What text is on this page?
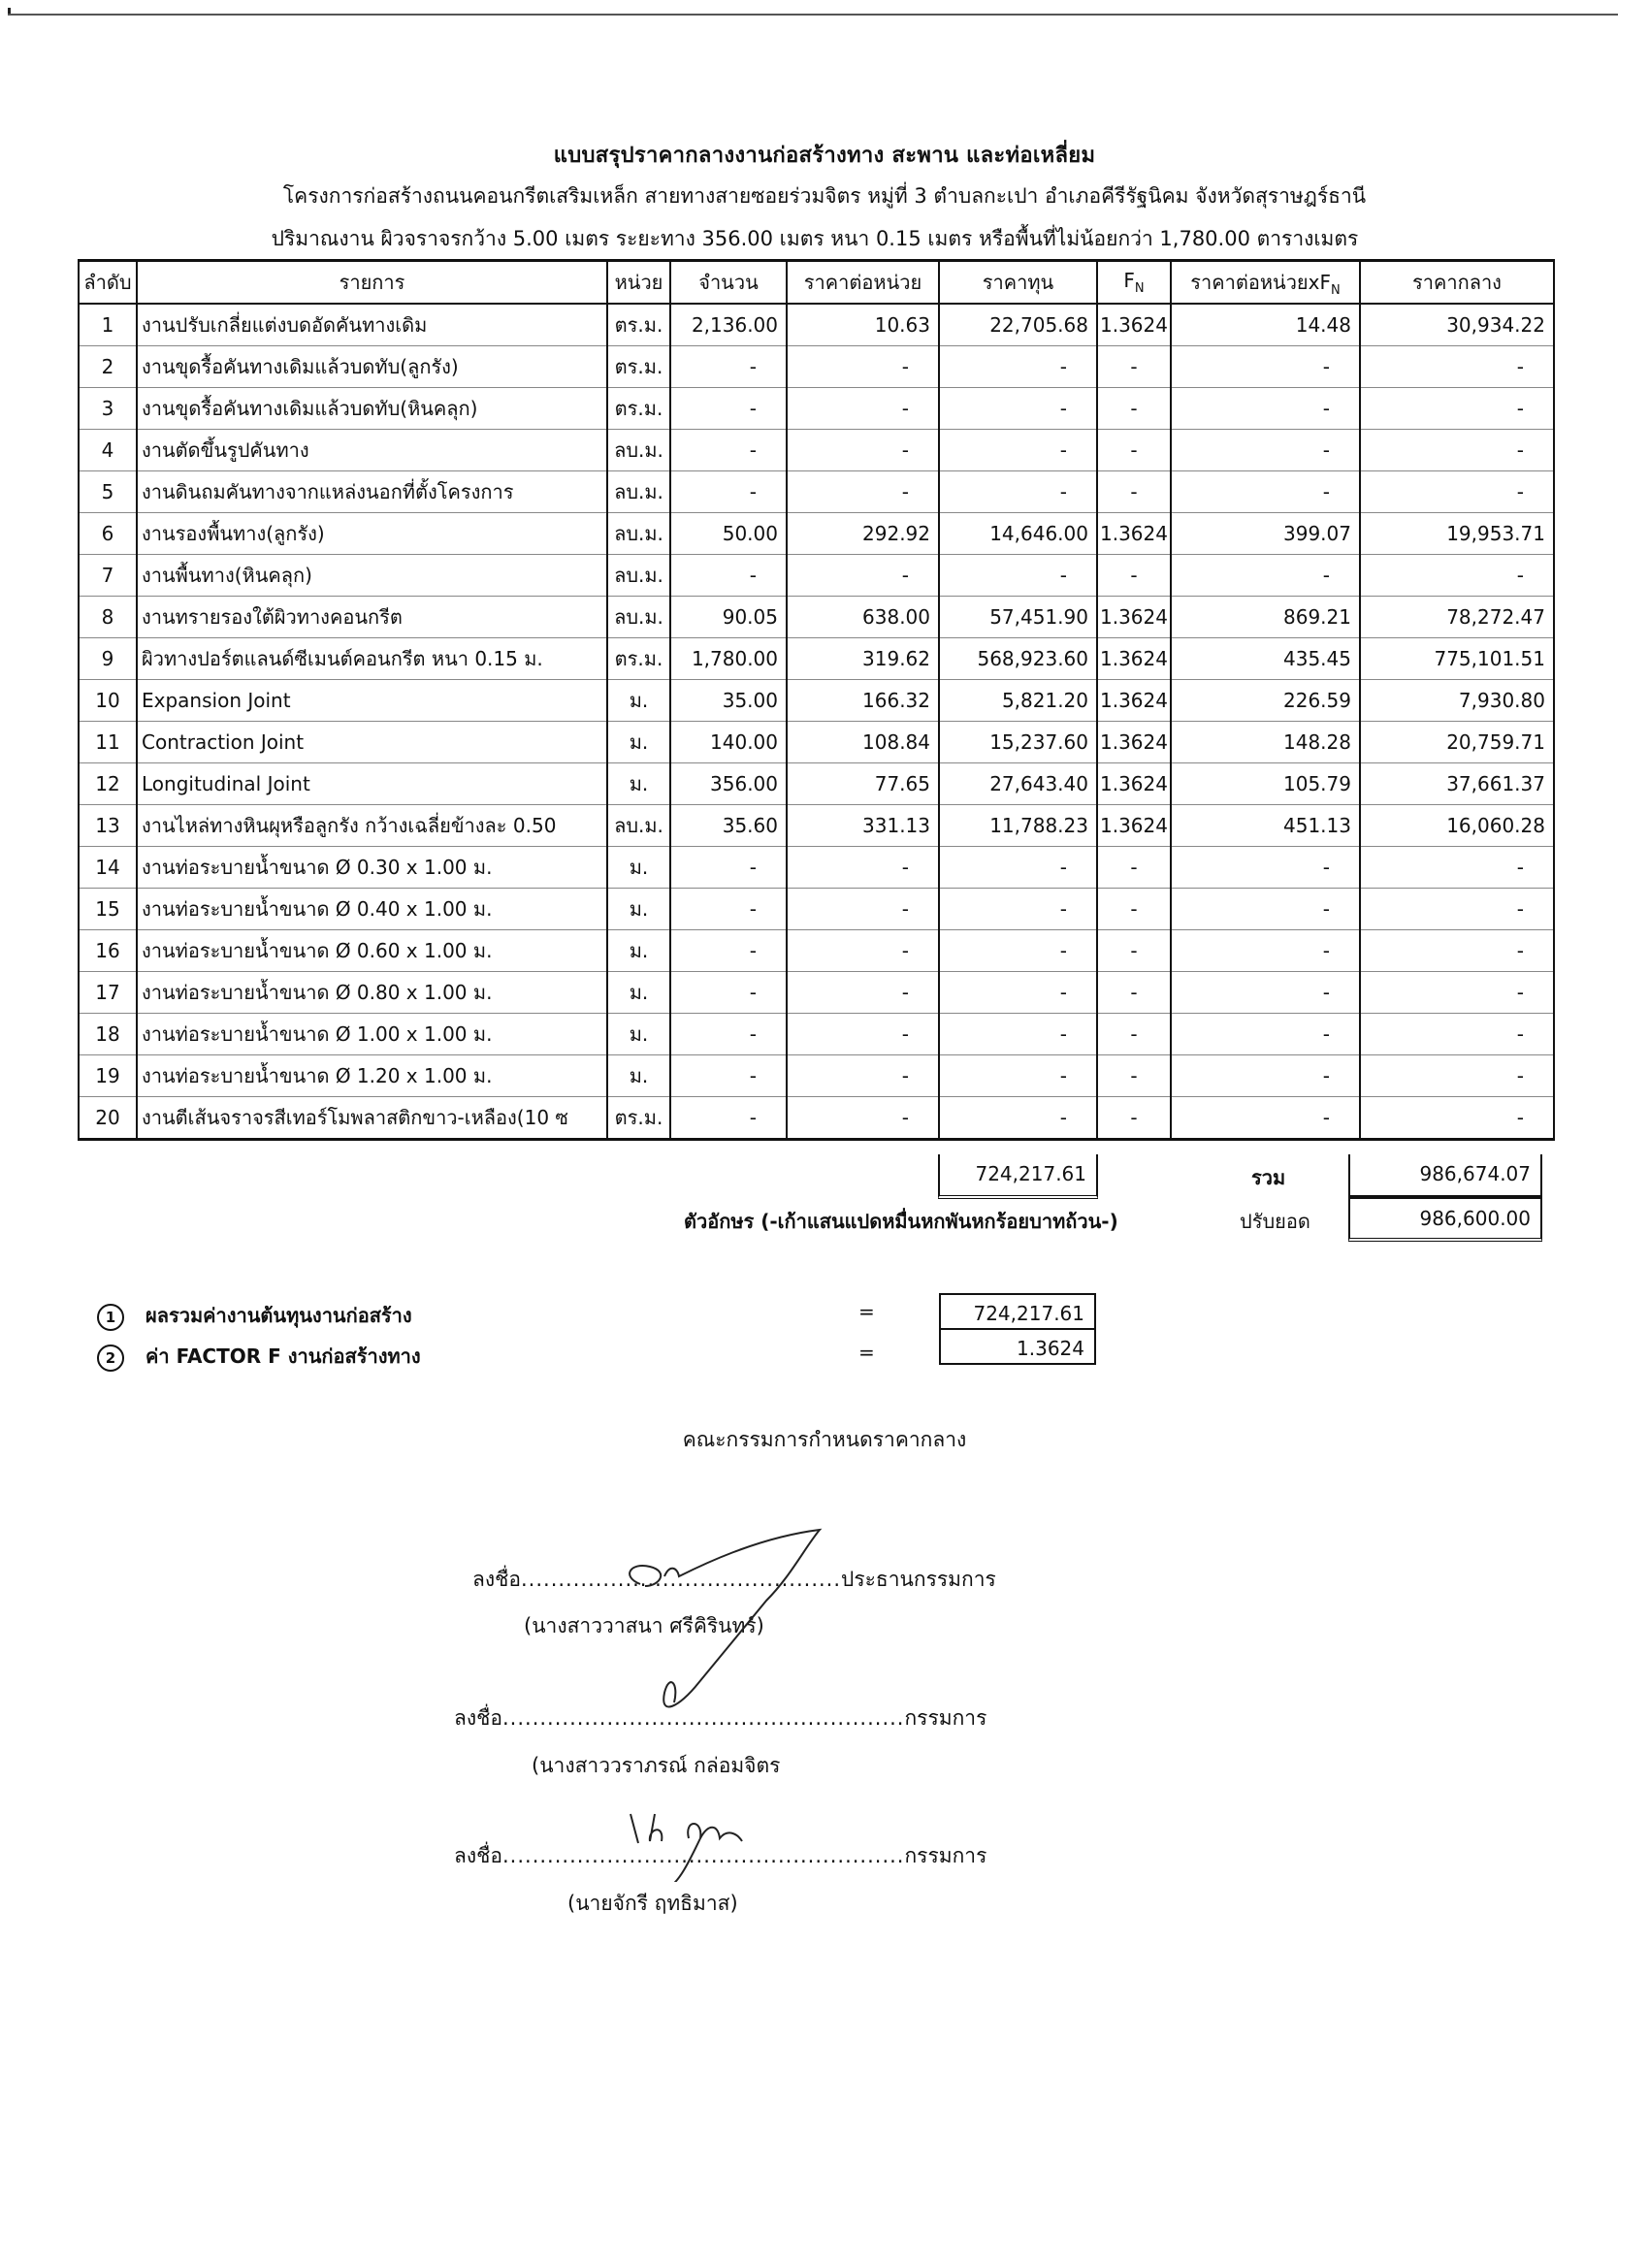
แบบสรุปราคากลางงานก่อสร้างทาง สะพาน และท่อเหลี่ยม
โครงการก่อสร้างถนนคอนกรีตเสริมเหล็ก สายทางสายซอยร่วมจิตร หมู่ที่ 3 ตำบลกะเปา อำเภอคีรีรัฐนิคม จังหวัดสุราษฎร์ธานี
ปริมาณงาน ผิวจราจรกว้าง 5.00 เมตร ระยะทาง 356.00 เมตร หนา 0.15 เมตร หรือพื้นที่ไม่น้อยกว่า 1,780.00 ตารางเมตร
ลำดับ	รายการ	หน่วย	จำนวน	ราคาต่อหน่วย	ราคาทุน	$F_N$	ราคาต่อหน่วย$xF_N$	ราคากลาง
1	งานปรับเกลี่ยแต่งบดอัดคันทางเดิม	ตร.ม.	2,136.00	10.63	22,705.68	1.3624	14.48	30,934.22
2	งานขุดรื้อคันทางเดิมแล้วบดทับ(ลูกรัง)	ตร.ม.	-	-	-	-	-	-
3	งานขุดรื้อคันทางเดิมแล้วบดทับ(หินคลุก)	ตร.ม.	-	-	-	-	-	-
4	งานตัดขึ้นรูปคันทาง	ลบ.ม.	-	-	-	-	-	-
5	งานดินถมคันทางจากแหล่งนอกที่ตั้งโครงการ	ลบ.ม.	-	-	-	-	-	-
6	งานรองพื้นทาง(ลูกรัง)	ลบ.ม.	50.00	292.92	14,646.00	1.3624	399.07	19,953.71
7	งานพื้นทาง(หินคลุก)	ลบ.ม.	-	-	-	-	-	-
8	งานทรายรองใต้ผิวทางคอนกรีต	ลบ.ม.	90.05	638.00	57,451.90	1.3624	869.21	78,272.47
9	ผิวทางปอร์ตแลนด์ซีเมนต์คอนกรีต หนา 0.15 ม.	ตร.ม.	1,780.00	319.62	568,923.60	1.3624	435.45	775,101.51
10	Expansion Joint	ม.	35.00	166.32	5,821.20	1.3624	226.59	7,930.80
11	Contraction Joint	ม.	140.00	108.84	15,237.60	1.3624	148.28	20,759.71
12	Longitudinal Joint	ม.	356.00	77.65	27,643.40	1.3624	105.79	37,661.37
13	งานไหล่ทางหินผุหรือลูกรัง กว้างเฉลี่ยข้างละ 0.50	ลบ.ม.	35.60	331.13	11,788.23	1.3624	451.13	16,060.28
14	งานท่อระบายน้ำขนาด Ø 0.30 x 1.00 ม.	ม.	-	-	-	-	-	-
15	งานท่อระบายน้ำขนาด Ø 0.40 x 1.00 ม.	ม.	-	-	-	-	-	-
16	งานท่อระบายน้ำขนาด Ø 0.60 x 1.00 ม.	ม.	-	-	-	-	-	-
17	งานท่อระบายน้ำขนาด Ø 0.80 x 1.00 ม.	ม.	-	-	-	-	-	-
18	งานท่อระบายน้ำขนาด Ø 1.00 x 1.00 ม.	ม.	-	-	-	-	-	-
19	งานท่อระบายน้ำขนาด Ø 1.20 x 1.00 ม.	ม.	-	-	-	-	-	-
20	งานตีเส้นจราจรสีเทอร์โมพลาสติกขาว-เหลือง(10 ซ	ตร.ม.	-	-	-	-	-	-
724,217.61	รวม	986,674.07
ตัวอักษร (-เก้าแสนแปดหมื่นหกพันหกร้อยบาทถ้วน-)	ปรับยอด	986,600.00
1 ผลรวมค่างานต้นทุนงานก่อสร้าง	=	724,217.61
2 ค่า FACTOR F งานก่อสร้างทาง	=	1.3624
คณะกรรมการกำหนดราคากลาง
ลงชื่อ...........................................ประธานกรรมการ
(นางสาววาสนา ศรีคิรินทร์)
ลงชื่อ......................................................กรรมการ
(นางสาววราภรณ์ กล่อมจิตร
ลงชื่อ......................................................กรรมการ
(นายจักรี ฤทธิมาส)
